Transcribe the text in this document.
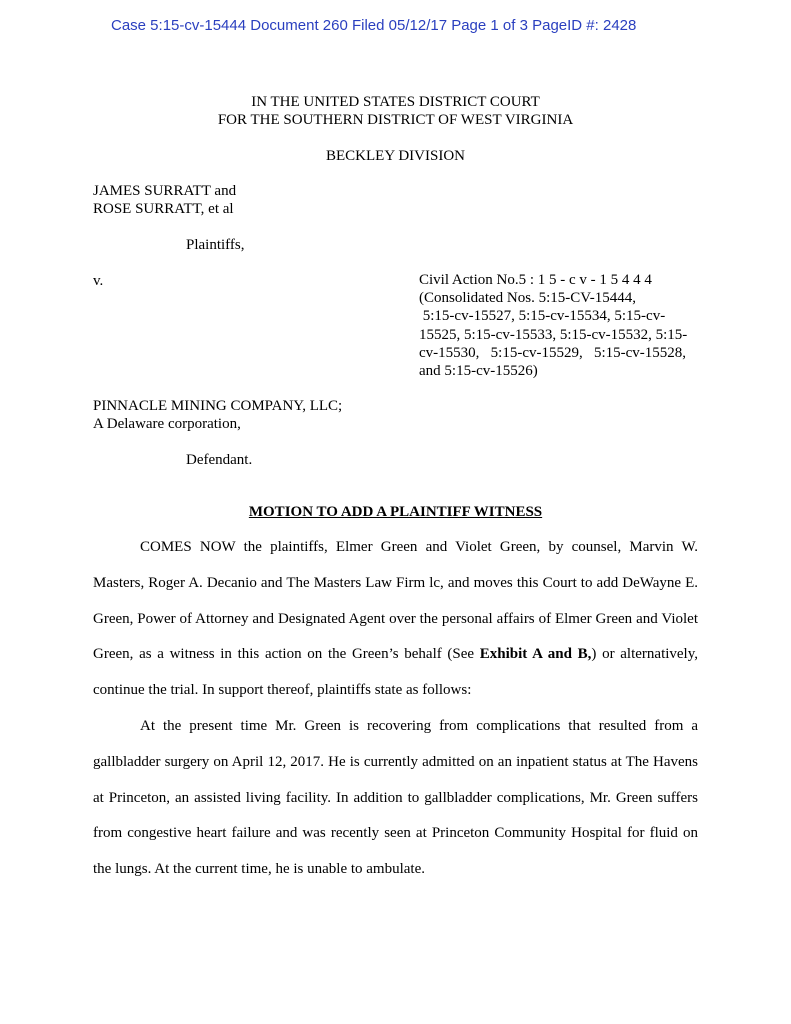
Case 5:15-cv-15444 Document 260 Filed 05/12/17 Page 1 of 3 PageID #: 2428
IN THE UNITED STATES DISTRICT COURT
FOR THE SOUTHERN DISTRICT OF WEST VIRGINIA
BECKLEY DIVISION
JAMES SURRATT and
ROSE SURRATT, et al
Plaintiffs,
v.	Civil Action No.5 : 1 5 - c v - 1 5 4 4 4
(Consolidated Nos. 5:15-CV-15444,
5:15-cv-15527, 5:15-cv-15534, 5:15-cv-
15525, 5:15-cv-15533, 5:15-cv-15532, 5:15-
cv-15530,   5:15-cv-15529,   5:15-cv-15528,
and 5:15-cv-15526)
PINNACLE MINING COMPANY, LLC;
A Delaware corporation,
Defendant.
MOTION TO ADD A PLAINTIFF WITNESS

COMES NOW the plaintiffs, Elmer Green and Violet Green, by counsel, Marvin W. Masters, Roger A. Decanio and The Masters Law Firm lc, and moves this Court to add DeWayne E. Green, Power of Attorney and Designated Agent over the personal affairs of Elmer Green and Violet Green, as a witness in this action on the Green’s behalf (See Exhibit A and B,) or alternatively, continue the trial. In support thereof, plaintiffs state as follows:

At the present time Mr. Green is recovering from complications that resulted from a gallbladder surgery on April 12, 2017. He is currently admitted on an inpatient status at The Havens at Princeton, an assisted living facility. In addition to gallbladder complications, Mr. Green suffers from congestive heart failure and was recently seen at Princeton Community Hospital for fluid on the lungs. At the current time, he is unable to ambulate.
